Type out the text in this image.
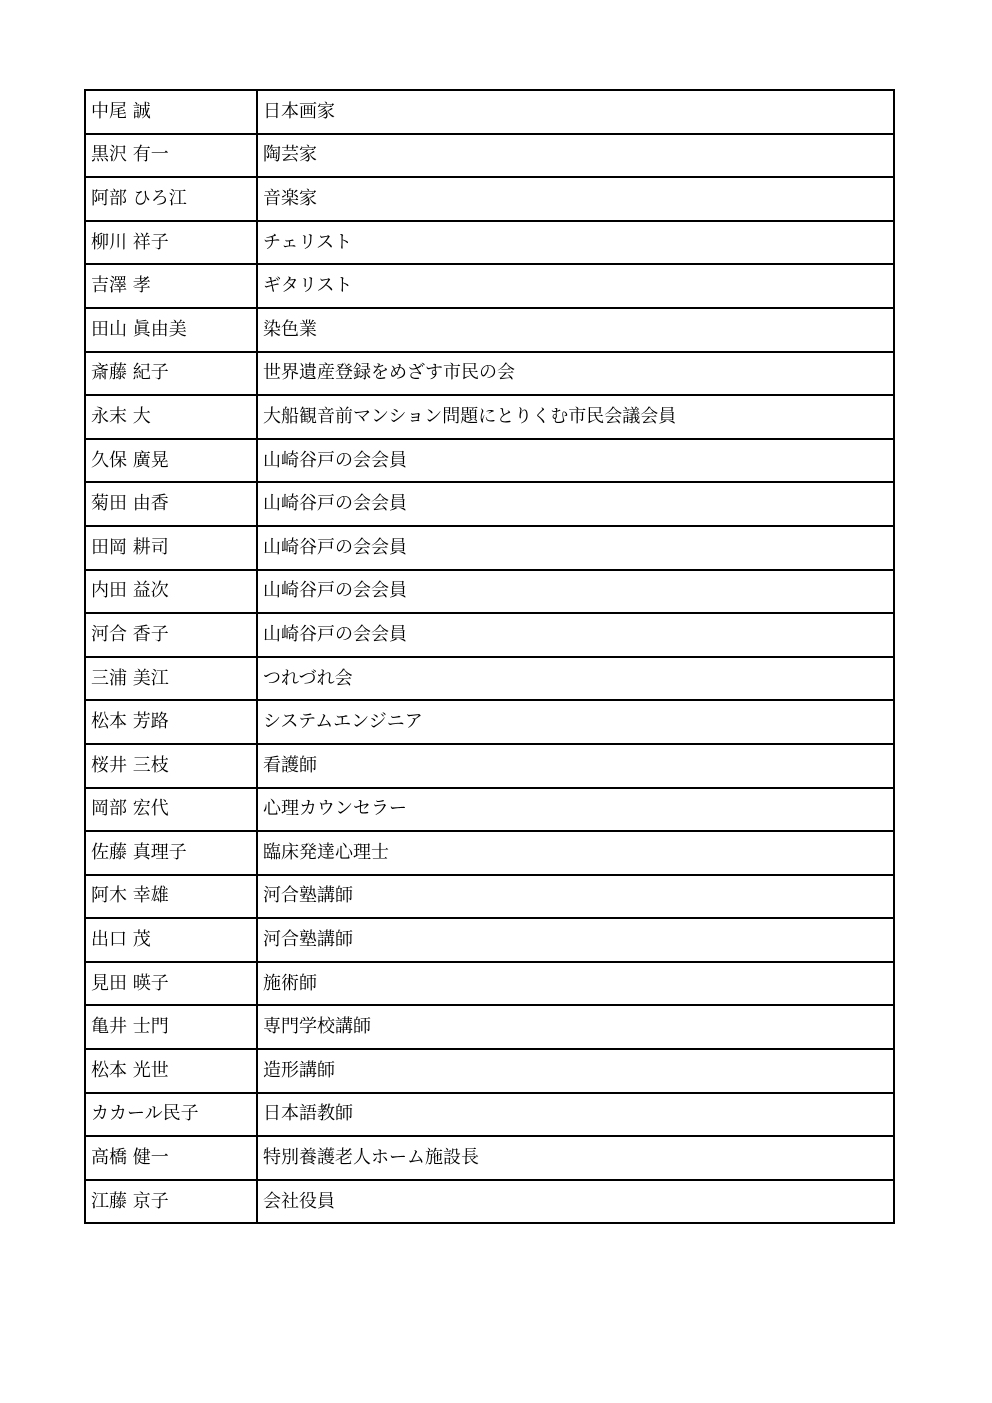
中尾 誠	日本画家
黒沢 有一	陶芸家
阿部 ひろ江	音楽家
柳川 祥子	チェリスト
吉澤 孝	ギタリスト
田山 眞由美	染色業
斎藤 紀子	世界遺産登録をめざす市民の会
永末 大	大船観音前マンション問題にとりくむ市民会議会員
久保 廣晃	山崎谷戸の会会員
菊田 由香	山崎谷戸の会会員
田岡 耕司	山崎谷戸の会会員
内田 益次	山崎谷戸の会会員
河合 香子	山崎谷戸の会会員
三浦 美江	つれづれ会
松本 芳路	システムエンジニア
桜井 三枝	看護師
岡部 宏代	心理カウンセラー
佐藤 真理子	臨床発達心理士
阿木 幸雄	河合塾講師
出口 茂	河合塾講師
見田 暎子	施術師
亀井 士門	専門学校講師
松本 光世	造形講師
カカール民子	日本語教師
高橋 健一	特別養護老人ホーム施設長
江藤 京子	会社役員
